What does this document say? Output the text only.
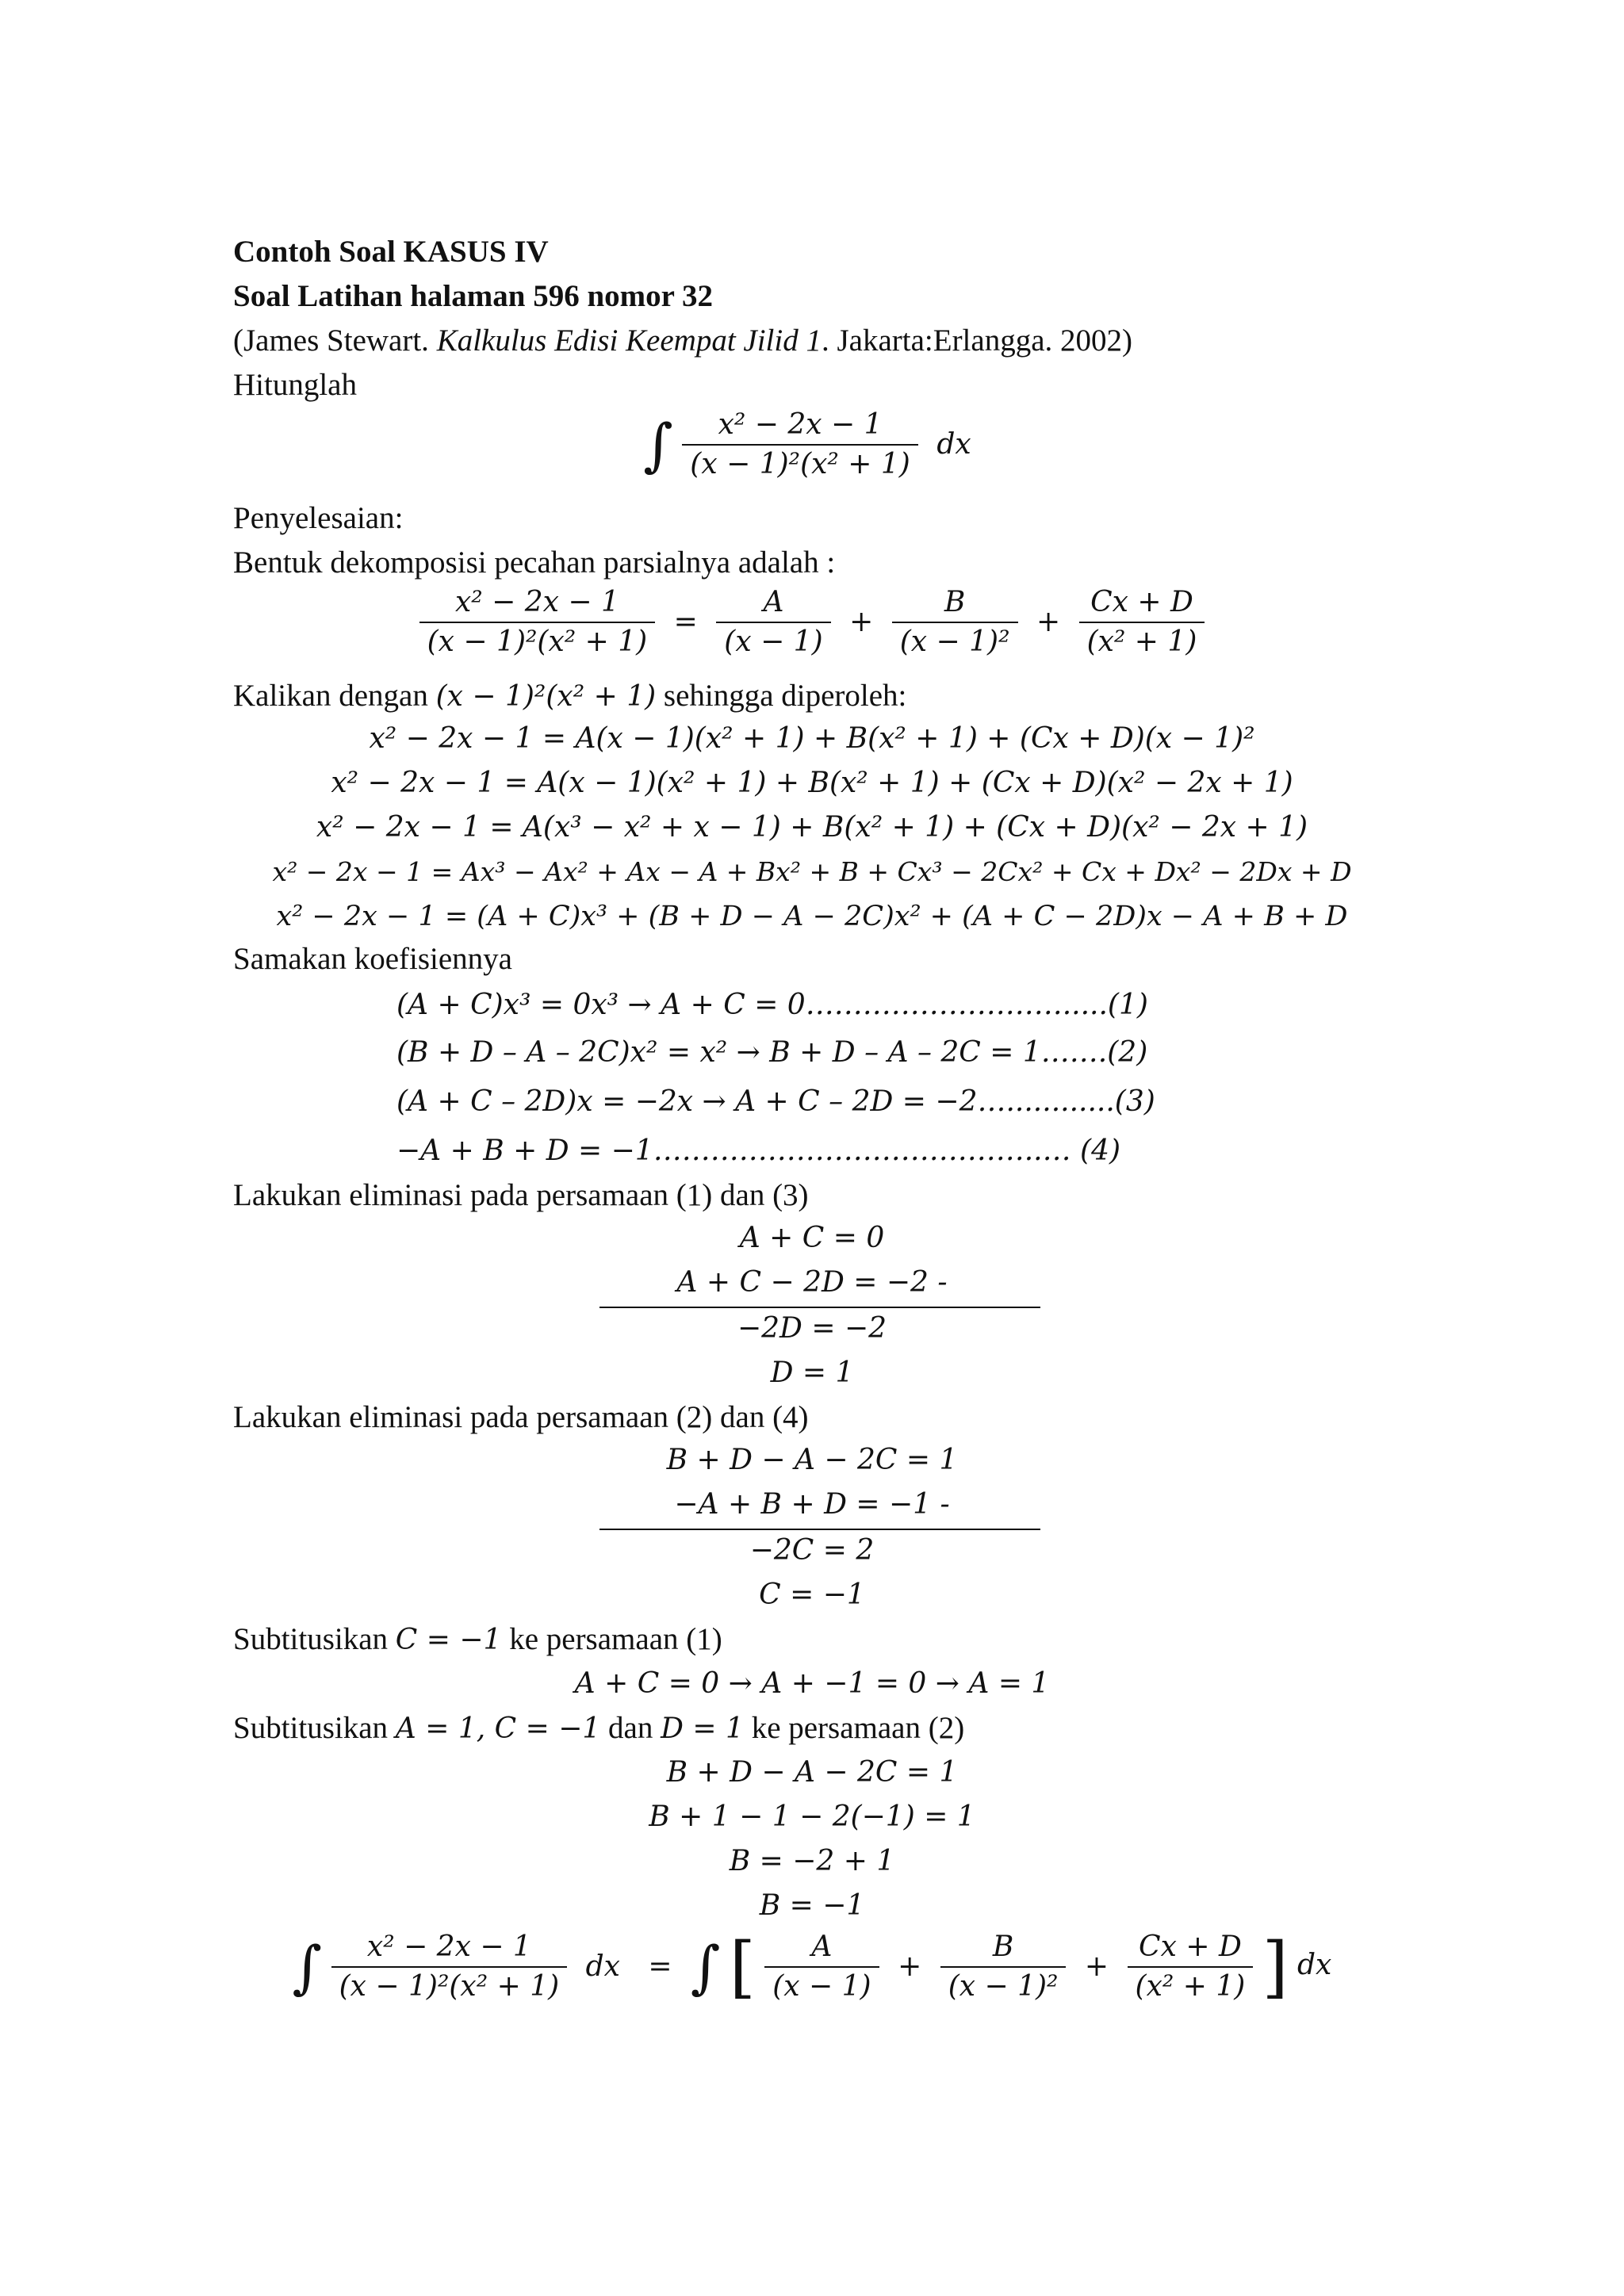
Contoh Soal KASUS IV
Soal Latihan halaman 596 nomor 32
(James Stewart. Kalkulus Edisi Keempat Jilid 1. Jakarta:Erlangga. 2002)
Hitunglah
∫ $\frac{\text{x² − 2x − 1}}{\text{(x − 1)²(x² + 1)}}$ dx
Penyelesaian:
Bentuk dekomposisi pecahan parsialnya adalah :
$\frac{\text{x² − 2x − 1}}{\text{(x − 1)²(x² + 1)}} = \frac{A}{(x - 1)} + \frac{B}{\text{(x − 1)²}} + \frac{Cx + D}{\text{(x² + 1)}}$
Kalikan dengan (x − 1)²(x² + 1) sehingga diperoleh:
x² − 2x − 1 = A(x − 1)(x² + 1) + B(x² + 1) + (Cx + D)(x − 1)²
x² − 2x − 1 = A(x − 1)(x² + 1) + B(x² + 1) + (Cx + D)(x² − 2x + 1)
x² − 2x − 1 = A(x³ − x² + x − 1) + B(x² + 1) + (Cx + D)(x² − 2x + 1)
x² − 2x − 1 = Ax³ − Ax² + Ax − A + Bx² + B + Cx³ − 2Cx² + Cx + Dx² − 2Dx + D
x² − 2x − 1 = (A + C)x³ + (B + D − A − 2C)x² + (A + C − 2D)x − A + B + D
Samakan koefisiennya
(A + C)x³ = 0x³ → A + C = 0……………………….....(1)
(B + D – A – 2C)x² = x² → B + D – A – 2C = 1…….(2)
(A + C – 2D)x = −2x → A + C – 2D = −2…............(3)
−A + B + D = −1…………………………………..… (4)
Lakukan eliminasi pada persamaan (1) dan (3)
A + C = 0
A + C − 2D = −2 -
−2D = −2
D = 1
Lakukan eliminasi pada persamaan (2) dan (4)
B + D − A − 2C = 1
−A + B + D = −1 -
−2C = 2
C = −1
Subtitusikan C = −1 ke persamaan (1)
A + C = 0 → A + −1 = 0 → A = 1
Subtitusikan A = 1, C = −1 dan D = 1 ke persamaan (2)
B + D − A − 2C = 1
B + 1 − 1 − 2(−1) = 1
B = −2 + 1
B = −1
∫ $\frac{\text{x² − 2x − 1}}{\text{(x − 1)²(x² + 1)}}$ dx = ∫ [ $\frac{A}{(x - 1)} + \frac{B}{\text{(x − 1)²}} + \frac{Cx + D}{\text{(x² + 1)}}$ ] dx
